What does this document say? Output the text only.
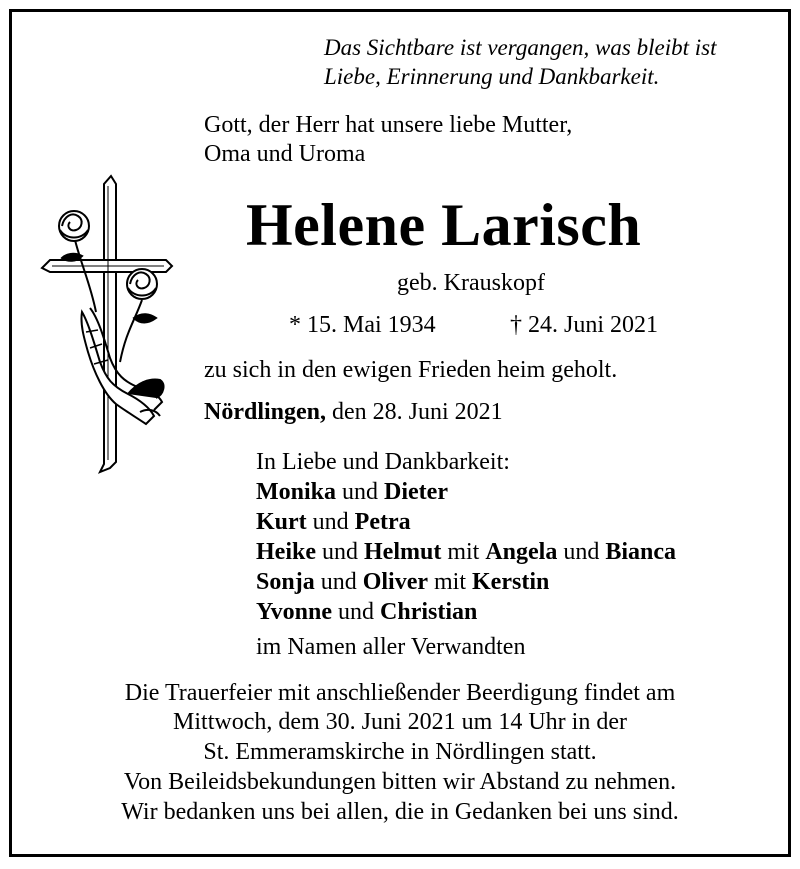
Das Sichtbare ist vergangen, was bleibt ist
Liebe, Erinnerung und Dankbarkeit.
Gott, der Herr hat unsere liebe Mutter,
Oma und Uroma
Helene Larisch
geb. Krauskopf
* 15. Mai 1934	† 24. Juni 2021
zu sich in den ewigen Frieden heim geholt.
Nördlingen, den 28. Juni 2021
In Liebe und Dankbarkeit:
Monika und Dieter
Kurt und Petra
Heike und Helmut mit Angela und Bianca
Sonja und Oliver mit Kerstin
Yvonne und Christian
im Namen aller Verwandten
Die Trauerfeier mit anschließender Beerdigung findet am
Mittwoch, dem 30. Juni 2021 um 14 Uhr in der
St. Emmeramskirche in Nördlingen statt.
Von Beileidsbekundungen bitten wir Abstand zu nehmen.
Wir bedanken uns bei allen, die in Gedanken bei uns sind.
